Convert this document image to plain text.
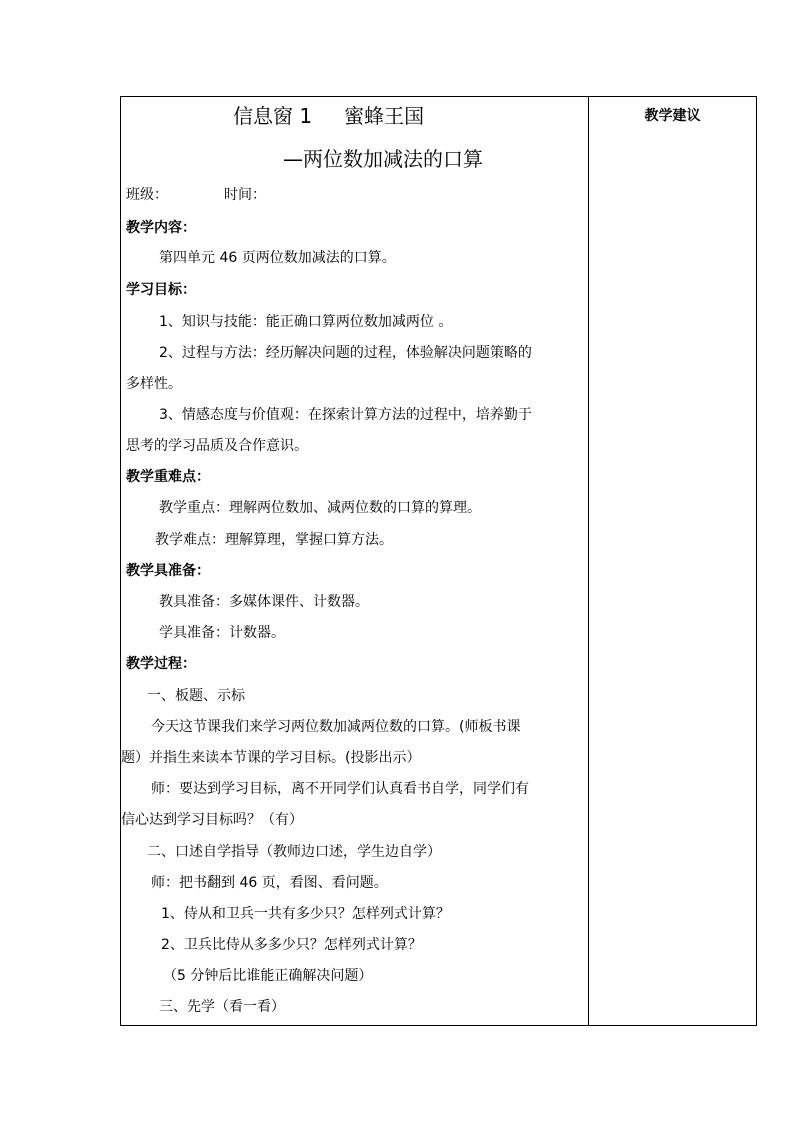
信息窗 1 蜜蜂王国
—两位数加减法的口算
班级：	时间：
教学内容：
第四单元 46 页两位数加减法的口算。
学习目标：
1、知识与技能：能正确口算两位数加减两位 。
2、过程与方法：经历解决问题的过程，体验解决问题策略的
多样性。
3、情感态度与价值观：在探索计算方法的过程中，培养勤于
思考的学习品质及合作意识。
教学重难点：
教学重点：理解两位数加、减两位数的口算的算理。
教学难点：理解算理，掌握口算方法。
教学具准备：
教具准备：多媒体课件、计数器。
学具准备：计数器。
教学过程：
一、板题、示标
今天这节课我们来学习两位数加减两位数的口算。(师板书课
题）并指生来读本节课的学习目标。(投影出示）
师：要达到学习目标，离不开同学们认真看书自学，同学们有
信心达到学习目标吗？（有）
二、口述自学指导（教师边口述，学生边自学）
师：把书翻到 46 页，看图、看问题。
1、侍从和卫兵一共有多少只？怎样列式计算？
2、卫兵比侍从多多少只？怎样列式计算？
（5 分钟后比谁能正确解决问题）
三、先学（看一看）

教学建议
